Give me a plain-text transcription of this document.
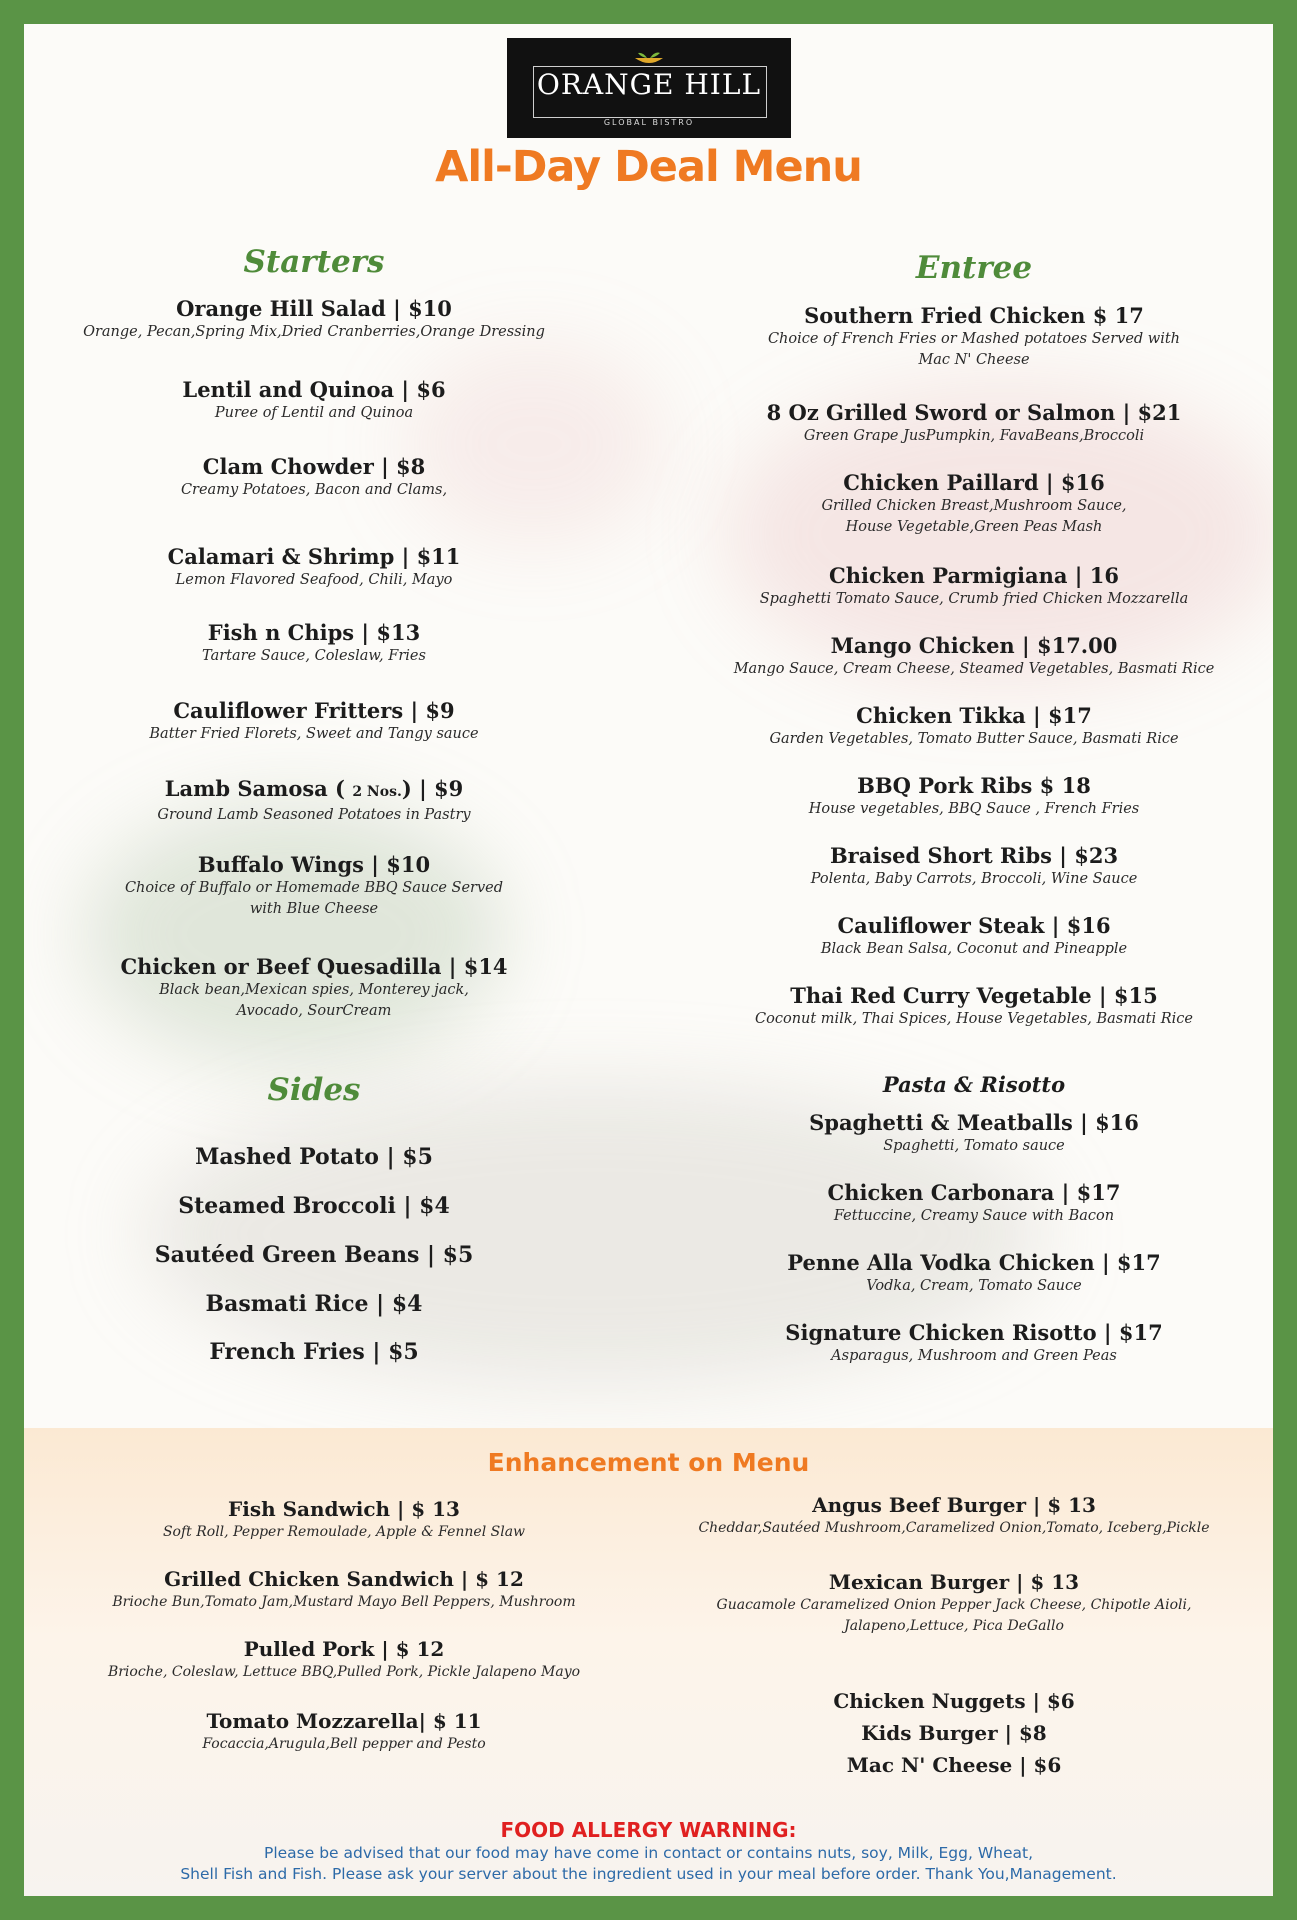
ORANGE HILL
GLOBAL BISTRO
All-Day Deal Menu
Starters
Orange Hill Salad | $10
Orange, Pecan,Spring Mix,Dried Cranberries,Orange Dressing
Lentil and Quinoa | $6
Puree of Lentil and Quinoa
Clam Chowder | $8
Creamy Potatoes, Bacon and Clams,
Calamari & Shrimp | $11
Lemon Flavored Seafood, Chili, Mayo
Fish n Chips | $13
Tartare Sauce, Coleslaw, Fries
Cauliflower Fritters | $9
Batter Fried Florets, Sweet and Tangy sauce
Lamb Samosa ( 2 Nos.) | $9
Ground Lamb Seasoned Potatoes in Pastry
Buffalo Wings | $10
Choice of Buffalo or Homemade BBQ Sauce Served
with Blue Cheese
Chicken or Beef Quesadilla | $14
Black bean,Mexican spies, Monterey jack,
Avocado, SourCream
Sides
Mashed Potato | $5
Steamed Broccoli | $4
Sautéed Green Beans | $5
Basmati Rice | $4
French Fries | $5
Entree
Southern Fried Chicken $ 17
Choice of French Fries or Mashed potatoes Served with
Mac N' Cheese
8 Oz Grilled Sword or Salmon | $21
Green Grape JusPumpkin, FavaBeans,Broccoli
Chicken Paillard | $16
Grilled Chicken Breast,Mushroom Sauce,
House Vegetable,Green Peas Mash
Chicken Parmigiana | 16
Spaghetti Tomato Sauce, Crumb fried Chicken Mozzarella
Mango Chicken | $17.00
Mango Sauce, Cream Cheese, Steamed Vegetables, Basmati Rice
Chicken Tikka | $17
Garden Vegetables, Tomato Butter Sauce, Basmati Rice
BBQ Pork Ribs $ 18
House vegetables, BBQ Sauce , French Fries
Braised Short Ribs | $23
Polenta, Baby Carrots, Broccoli, Wine Sauce
Cauliflower Steak | $16
Black Bean Salsa, Coconut and Pineapple
Thai Red Curry Vegetable | $15
Coconut milk, Thai Spices, House Vegetables, Basmati Rice
Pasta & Risotto
Spaghetti & Meatballs | $16
Spaghetti, Tomato sauce
Chicken Carbonara | $17
Fettuccine, Creamy Sauce with Bacon
Penne Alla Vodka Chicken | $17
Vodka, Cream, Tomato Sauce
Signature Chicken Risotto | $17
Asparagus, Mushroom and Green Peas
Enhancement on Menu
Fish Sandwich | $ 13
Soft Roll, Pepper Remoulade, Apple & Fennel Slaw
Grilled Chicken Sandwich | $ 12
Brioche Bun,Tomato Jam,Mustard Mayo Bell Peppers, Mushroom
Pulled Pork | $ 12
Brioche, Coleslaw, Lettuce BBQ,Pulled Pork, Pickle Jalapeno Mayo
Tomato Mozzarella| $ 11
Focaccia,Arugula,Bell pepper and Pesto
Angus Beef Burger | $ 13
Cheddar,Sautéed Mushroom,Caramelized Onion,Tomato, Iceberg,Pickle
Mexican Burger | $ 13
Guacamole Caramelized Onion Pepper Jack Cheese, Chipotle Aioli,
Jalapeno,Lettuce, Pica DeGallo
Chicken Nuggets | $6
Kids Burger | $8
Mac N' Cheese | $6
FOOD ALLERGY WARNING:
Please be advised that our food may have come in contact or contains nuts, soy, Milk, Egg, Wheat,
Shell Fish and Fish. Please ask your server about the ingredient used in your meal before order. Thank You,Management.
